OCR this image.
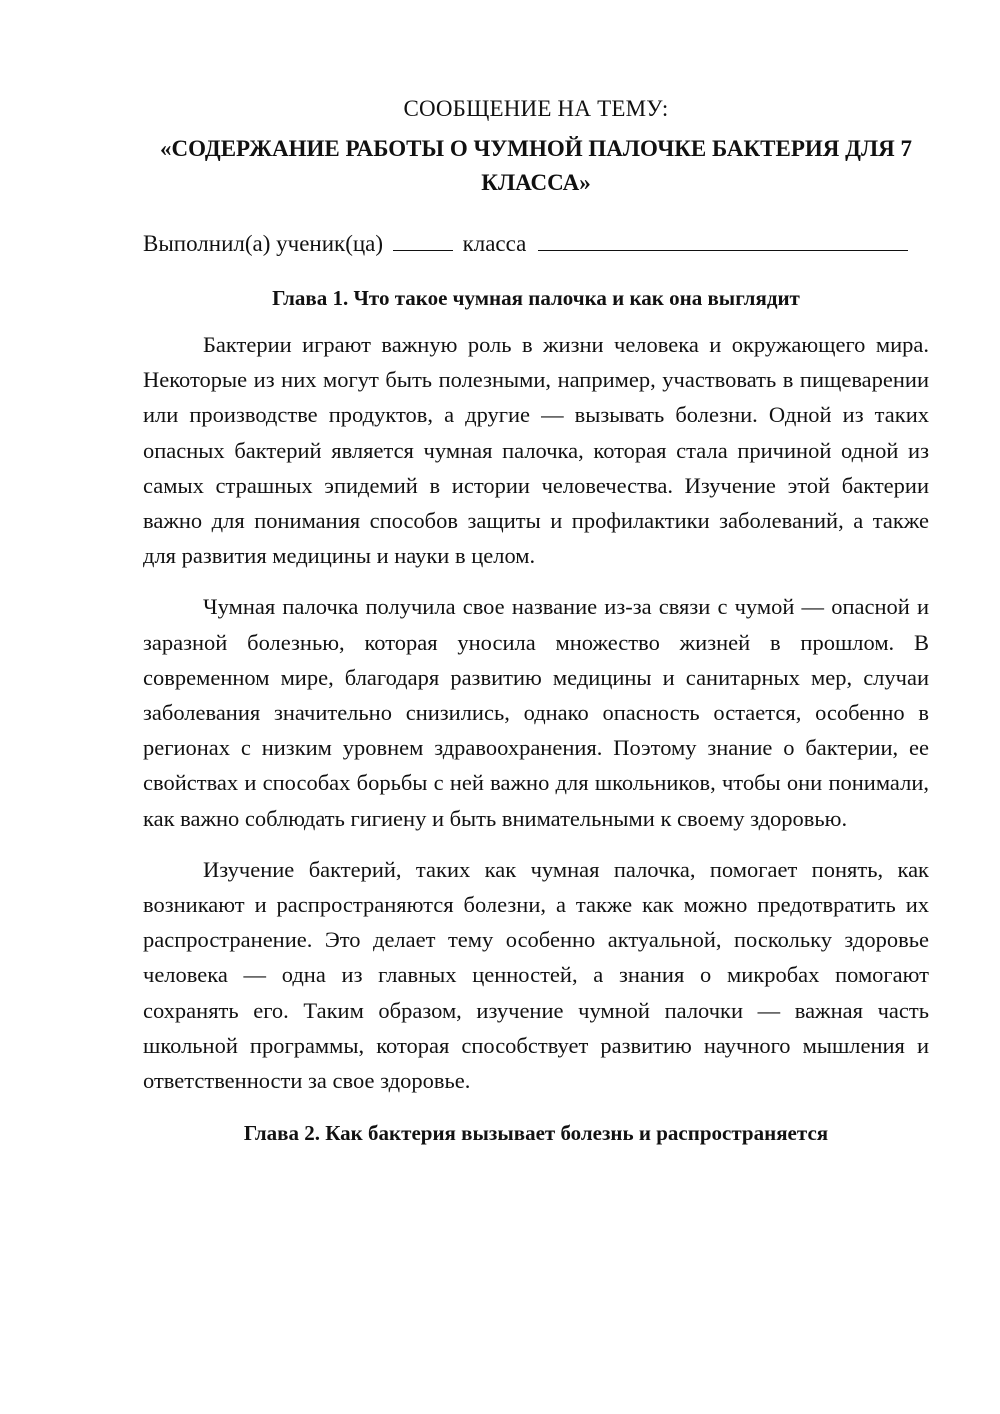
СООБЩЕНИЕ НА ТЕМУ:

«СОДЕРЖАНИЕ РАБОТЫ О ЧУМНОЙ ПАЛОЧКЕ БАКТЕРИЯ ДЛЯ 7 КЛАССА»

Выполнил(а) ученик(ца)	класса

Глава 1. Что такое чумная палочка и как она выглядит

Бактерии играют важную роль в жизни человека и окружающего мира. Некоторые из них могут быть полезными, например, участвовать в пищеварении или производстве продуктов, а другие — вызывать болезни. Одной из таких опасных бактерий является чумная палочка, которая стала причиной одной из самых страшных эпидемий в истории человечества. Изучение этой бактерии важно для понимания способов защиты и профилактики заболеваний, а также для развития медицины и науки в целом.

Чумная палочка получила свое название из-за связи с чумой — опасной и заразной болезнью, которая уносила множество жизней в прошлом. В современном мире, благодаря развитию медицины и санитарных мер, случаи заболевания значительно снизились, однако опасность остается, особенно в регионах с низким уровнем здравоохранения. Поэтому знание о бактерии, ее свойствах и способах борьбы с ней важно для школьников, чтобы они понимали, как важно соблюдать гигиену и быть внимательными к своему здоровью.

Изучение бактерий, таких как чумная палочка, помогает понять, как возникают и распространяются болезни, а также как можно предотвратить их распространение. Это делает тему особенно актуальной, поскольку здоровье человека — одна из главных ценностей, а знания о микробах помогают сохранять его. Таким образом, изучение чумной палочки — важная часть школьной программы, которая способствует развитию научного мышления и ответственности за свое здоровье.

Глава 2. Как бактерия вызывает болезнь и распространяется
